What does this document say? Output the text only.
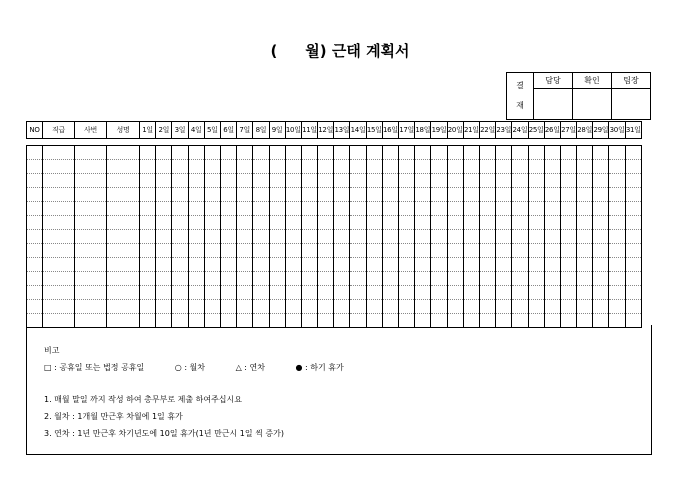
( 월) 근태 계획서
결
재	담당	확인	팀장

NO	직급	사번	성명	1일	2일	3일	4일	5일	6일	7일	8일	9일	10일	11일	12일	13일	14일	15일	16일	17일	18일	19일	20일	21일	22일	23일	24일	25일	26일	27일	28일	29일	30일	31일

비고
□ : 공휴일 또는 법정 공휴일	○ : 월차	△ : 연차	● : 하기 휴가
1. 매월 말일 까지 작성 하여 총무부로 제출 하여주십시요
2. 월차 : 1개월 만근후 차월에 1일 휴가
3. 연차 : 1년 만근후 차기년도에 10일 휴가(1년 만근시 1일 씩 증가)
